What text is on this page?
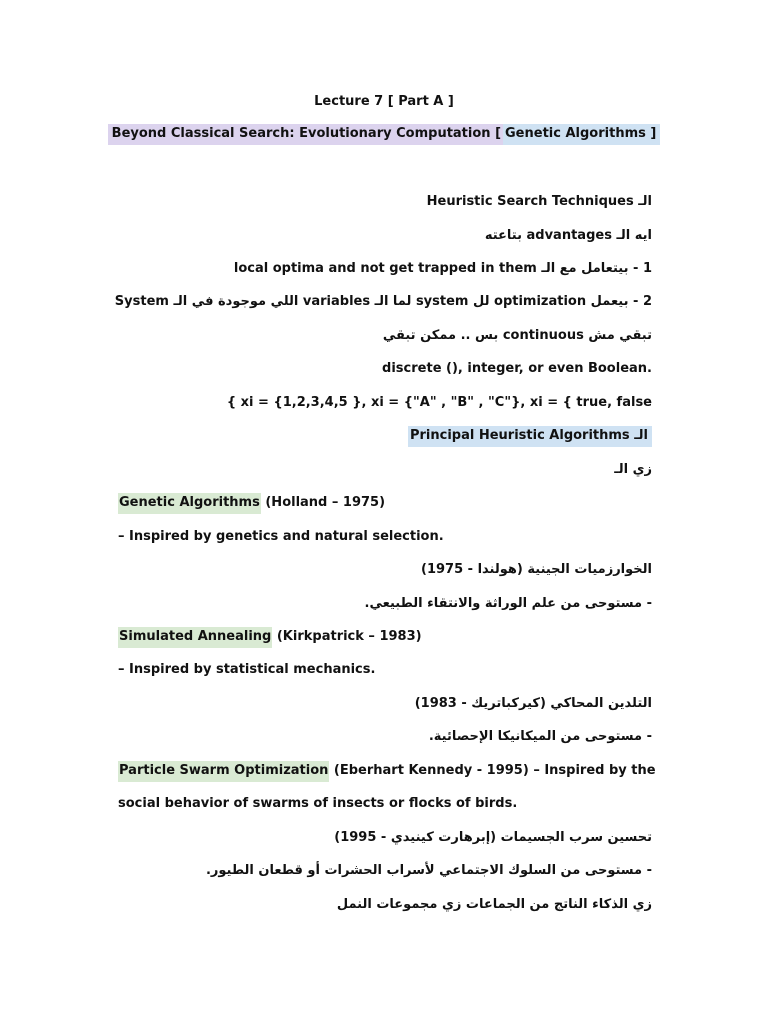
Lecture 7 [ Part A ]
Beyond Classical Search: Evolutionary Computation [ Genetic Algorithms ]
الـ Heuristic Search Techniques
ايه الـ advantages بتاعته
1 - بيتعامل مع الـ local optima and not get trapped in them
2 - بيعمل optimization لل system لما الـ variables اللي موجودة في الـ System
تبقي مش continuous بس .. ممكن تبقي
.discrete (), integer, or even Boolean
{ xi = {1,2,3,4,5 }, xi = {"A" , "B" , "C"}, xi = { true, false
الـ Principal Heuristic Algorithms
زي الـ
Genetic Algorithms (Holland – 1975)
– Inspired by genetics and natural selection.
الخوارزميات الجينية (هولندا - 1975)
- مستوحى من علم الوراثة والانتقاء الطبيعي.
Simulated Annealing (Kirkpatrick – 1983)
– Inspired by statistical mechanics.
التلدين المحاكي (كيركباتريك - 1983)
- مستوحى من الميكانيكا الإحصائية.
Particle Swarm Optimization (Eberhart Kennedy - 1995) – Inspired by the
social behavior of swarms of insects or flocks of birds.
تحسين سرب الجسيمات (إبرهارت كينيدي - 1995)
- مستوحى من السلوك الاجتماعي لأسراب الحشرات أو قطعان الطيور.
زي الذكاء الناتج من الجماعات زي مجموعات النمل
